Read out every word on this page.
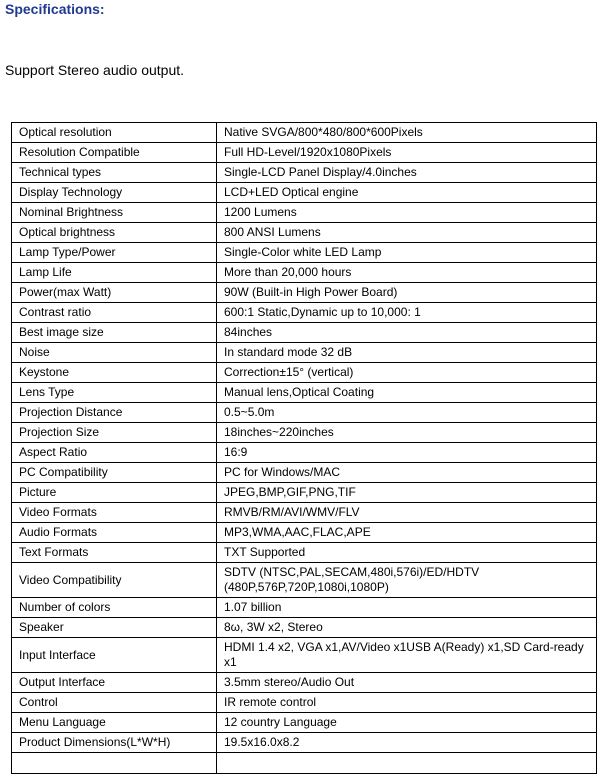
Specifications:
Support Stereo audio output.
Optical resolution	Native SVGA/800*480/800*600Pixels
Resolution Compatible	Full HD-Level/1920x1080Pixels
Technical types	Single-LCD Panel Display/4.0inches
Display Technology	LCD+LED Optical engine
Nominal Brightness	1200 Lumens
Optical brightness	800 ANSI Lumens
Lamp Type/Power	Single-Color white LED Lamp
Lamp Life	More than 20,000 hours
Power(max Watt)	90W (Built-in High Power Board)
Contrast ratio	600:1 Static,Dynamic up to 10,000: 1
Best image size	84inches
Noise	In standard mode 32 dB
Keystone	Correction±15° (vertical)
Lens Type	Manual lens,Optical Coating
Projection Distance	0.5~5.0m
Projection Size	18inches~220inches
Aspect Ratio	16:9
PC Compatibility	PC for Windows/MAC
Picture	JPEG,BMP,GIF,PNG,TIF
Video Formats	RMVB/RM/AVI/WMV/FLV
Audio Formats	MP3,WMA,AAC,FLAC,APE
Text Formats	TXT Supported
Video Compatibility	SDTV (NTSC,PAL,SECAM,480i,576i)/ED/HDTV (480P,576P,720P,1080i,1080P)
Number of colors	1.07 billion
Speaker	8ω, 3W x2, Stereo
Input Interface	HDMI 1.4 x2, VGA x1,AV/Video x1USB A(Ready) x1,SD Card-ready x1
Output Interface	3.5mm stereo/Audio Out
Control	IR remote control
Menu Language	12 country Language
Product Dimensions(L*W*H)	19.5x16.0x8.2
